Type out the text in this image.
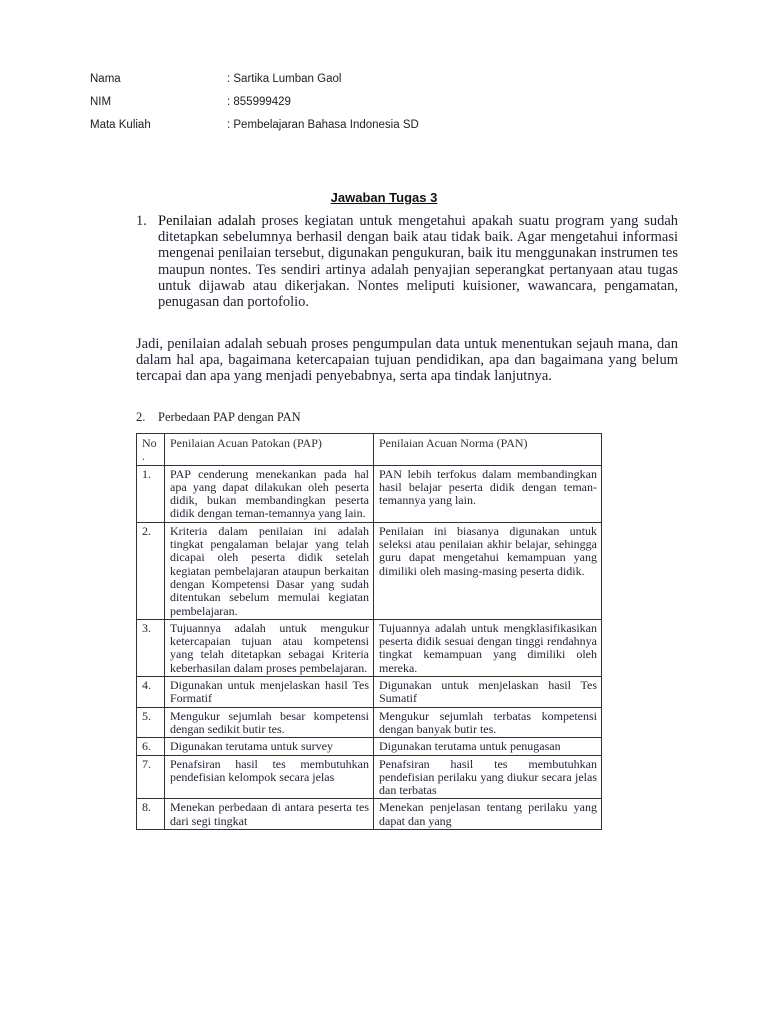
Nama	: Sartika Lumban Gaol
NIM	: 855999429
Mata Kuliah	: Pembelajaran Bahasa Indonesia SD
Jawaban Tugas 3
1. Penilaian adalah proses kegiatan untuk mengetahui apakah suatu program yang sudah ditetapkan sebelumnya berhasil dengan baik atau tidak baik. Agar mengetahui informasi mengenai penilaian tersebut, digunakan pengukuran, baik itu menggunakan instrumen tes maupun nontes. Tes sendiri artinya adalah penyajian seperangkat pertanyaan atau tugas untuk dijawab atau dikerjakan. Nontes meliputi kuisioner, wawancara, pengamatan, penugasan dan portofolio.
Jadi, penilaian adalah sebuah proses pengumpulan data untuk menentukan sejauh mana, dan dalam hal apa, bagaimana ketercapaian tujuan pendidikan, apa dan bagaimana yang belum tercapai dan apa yang menjadi penyebabnya, serta apa tindak lanjutnya.
2. Perbedaan PAP dengan PAN
No .	Penilaian Acuan Patokan (PAP)	Penilaian Acuan Norma (PAN)
1.	PAP cenderung menekankan pada hal apa yang dapat dilakukan oleh peserta didik, bukan membandingkan peserta didik dengan teman-temannya yang lain.	PAN lebih terfokus dalam membandingkan hasil belajar peserta didik dengan teman-temannya yang lain.
2.	Kriteria dalam penilaian ini adalah tingkat pengalaman belajar yang telah dicapai oleh peserta didik setelah kegiatan pembelajaran ataupun berkaitan dengan Kompetensi Dasar yang sudah ditentukan sebelum memulai kegiatan pembelajaran.	Penilaian ini biasanya digunakan untuk seleksi atau penilaian akhir belajar, sehingga guru dapat mengetahui kemampuan yang dimiliki oleh masing-masing peserta didik.
3.	Tujuannya adalah untuk mengukur ketercapaian tujuan atau kompetensi yang telah ditetapkan sebagai Kriteria keberhasilan dalam proses pembelajaran.	Tujuannya adalah untuk mengklasifikasikan peserta didik sesuai dengan tinggi rendahnya tingkat kemampuan yang dimiliki oleh mereka.
4.	Digunakan untuk menjelaskan hasil Tes Formatif	Digunakan untuk menjelaskan hasil Tes Sumatif
5.	Mengukur sejumlah besar kompetensi dengan sedikit butir tes.	Mengukur sejumlah terbatas kompetensi dengan banyak butir tes.
6.	Digunakan terutama untuk survey	Digunakan terutama untuk penugasan
7.	Penafsiran hasil tes membutuhkan pendefisian kelompok secara jelas	Penafsiran hasil tes membutuhkan pendefisian perilaku yang diukur secara jelas dan terbatas
8.	Menekan perbedaan di antara peserta tes dari segi tingkat	Menekan penjelasan tentang perilaku yang dapat dan yang
